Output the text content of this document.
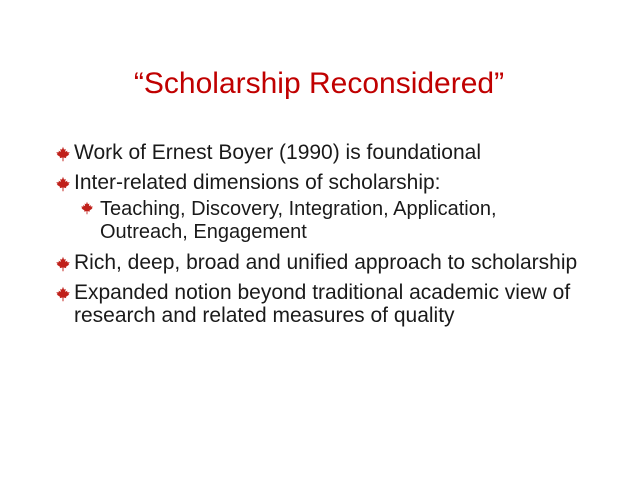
“Scholarship Reconsidered”
Work of Ernest Boyer (1990) is foundational
Inter-related dimensions of scholarship:
Teaching, Discovery, Integration, Application, Outreach, Engagement
Rich, deep, broad and unified approach to scholarship
Expanded notion beyond traditional academic view of research and related measures of quality
